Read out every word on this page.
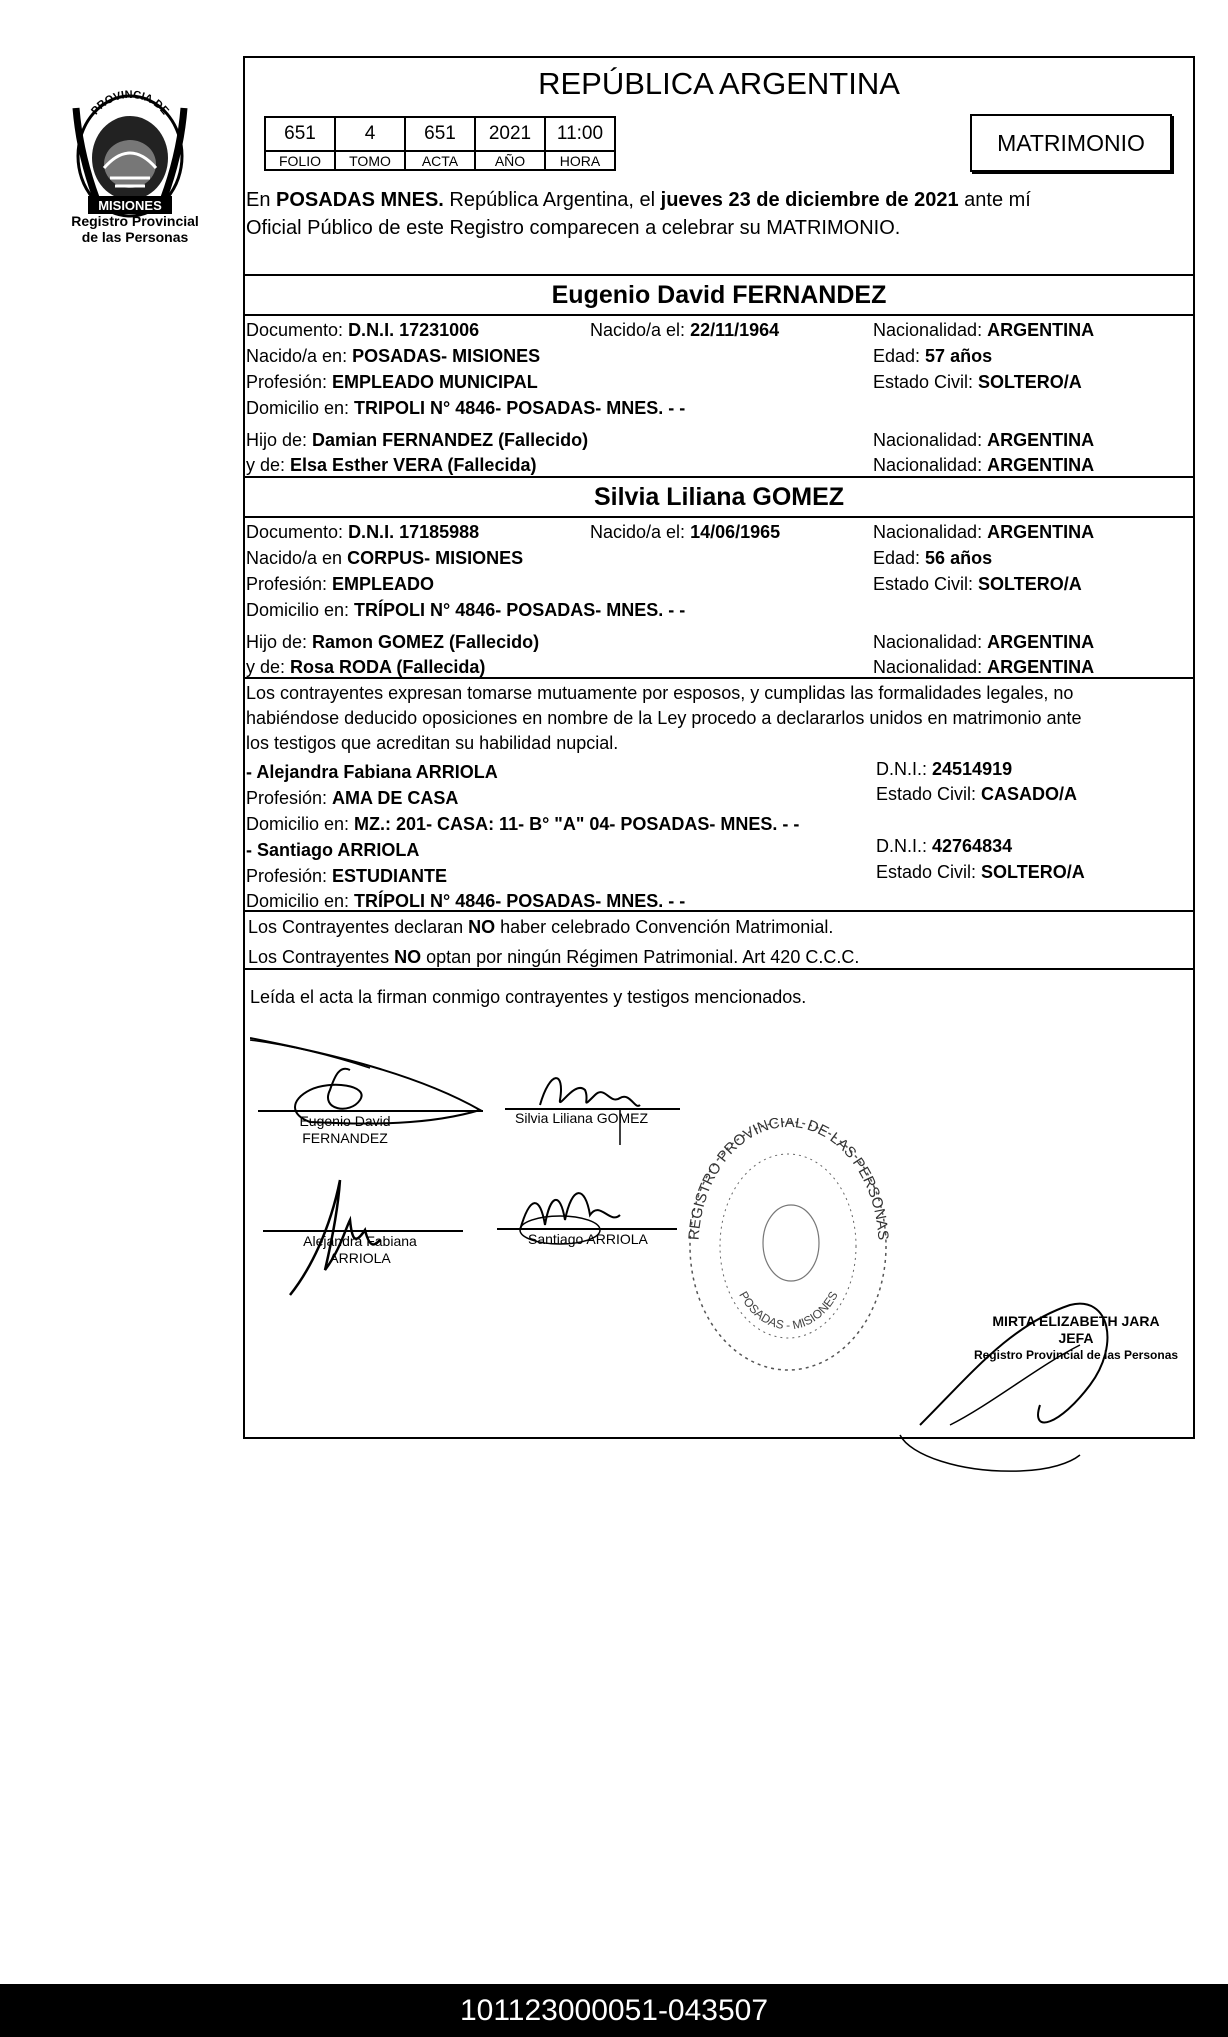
PROVINCIA DE
MISIONES
Registro Provincial
de las Personas
REPÚBLICA ARGENTINA
651	4	651	2021	11:00
FOLIO	TOMO	ACTA	AÑO	HORA
MATRIMONIO
En POSADAS MNES. República Argentina, el jueves 23 de diciembre de 2021 ante mí
Oficial Público de este Registro comparecen a celebrar su MATRIMONIO.
Eugenio David FERNANDEZ
Documento: D.N.I. 17231006	Nacido/a el: 22/11/1964	Nacionalidad: ARGENTINA
Nacido/a en: POSADAS- MISIONES	Edad: 57 años
Profesión: EMPLEADO MUNICIPAL	Estado Civil: SOLTERO/A
Domicilio en: TRIPOLI N° 4846- POSADAS- MNES. - -
Hijo de: Damian FERNANDEZ (Fallecido)	Nacionalidad: ARGENTINA
y de: Elsa Esther VERA (Fallecida)	Nacionalidad: ARGENTINA
Silvia Liliana GOMEZ
Documento: D.N.I. 17185988	Nacido/a el: 14/06/1965	Nacionalidad: ARGENTINA
Nacido/a en CORPUS- MISIONES	Edad: 56 años
Profesión: EMPLEADO	Estado Civil: SOLTERO/A
Domicilio en: TRÍPOLI N° 4846- POSADAS- MNES. - -
Hijo de: Ramon GOMEZ (Fallecido)	Nacionalidad: ARGENTINA
y de: Rosa RODA (Fallecida)	Nacionalidad: ARGENTINA
Los contrayentes expresan tomarse mutuamente por esposos, y cumplidas las formalidades legales, no
habiéndose deducido oposiciones en nombre de la Ley procedo a declararlos unidos en matrimonio ante
los testigos que acreditan su habilidad nupcial.
- Alejandra Fabiana ARRIOLA	D.N.I.: 24514919
Profesión: AMA DE CASA	Estado Civil: CASADO/A
Domicilio en: MZ.: 201- CASA: 11- B° "A" 04- POSADAS- MNES. - -
- Santiago ARRIOLA	D.N.I.: 42764834
Profesión: ESTUDIANTE	Estado Civil: SOLTERO/A
Domicilio en: TRÍPOLI N° 4846- POSADAS- MNES. - -
Los Contrayentes declaran NO haber celebrado Convención Matrimonial.
Los Contrayentes NO optan por ningún Régimen Patrimonial. Art 420 C.C.C.
Leída el acta la firman conmigo contrayentes y testigos mencionados.
Eugenio David
FERNANDEZ
Silvia Liliana GOMEZ
Alejandra Fabiana
ARRIOLA
Santiago ARRIOLA	REGISTRO PROVINCIAL DE LAS PERSONAS
POSADAS - MISIONES
MIRTA ELIZABETH JARA
JEFA
Registro Provincial de las Personas
101123000051-043507
